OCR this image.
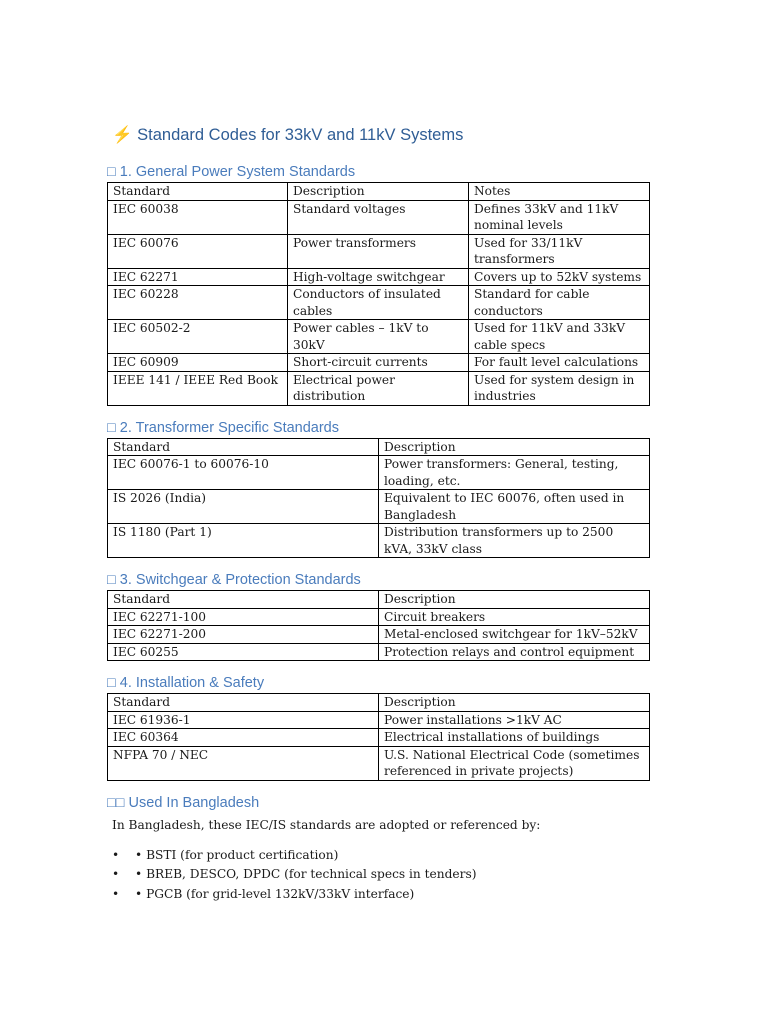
⚡ Standard Codes for 33kV and 11kV Systems
□ 1. General Power System Standards
Standard	Description	Notes
IEC 60038	Standard voltages	Defines 33kV and 11kV nominal levels
IEC 60076	Power transformers	Used for 33/11kV transformers
IEC 62271	High-voltage switchgear	Covers up to 52kV systems
IEC 60228	Conductors of insulated cables	Standard for cable conductors
IEC 60502-2	Power cables – 1kV to 30kV	Used for 11kV and 33kV cable specs
IEC 60909	Short-circuit currents	For fault level calculations
IEEE 141 / IEEE Red Book	Electrical power distribution	Used for system design in industries
□ 2. Transformer Specific Standards
Standard	Description
IEC 60076-1 to 60076-10	Power transformers: General, testing, loading, etc.
IS 2026 (India)	Equivalent to IEC 60076, often used in Bangladesh
IS 1180 (Part 1)	Distribution transformers up to 2500 kVA, 33kV class
□ 3. Switchgear & Protection Standards
Standard	Description
IEC 62271-100	Circuit breakers
IEC 62271-200	Metal-enclosed switchgear for 1kV–52kV
IEC 60255	Protection relays and control equipment
□ 4. Installation & Safety
Standard	Description
IEC 61936-1	Power installations >1kV AC
IEC 60364	Electrical installations of buildings
NFPA 70 / NEC	U.S. National Electrical Code (sometimes referenced in private projects)
□□ Used In Bangladesh

In Bangladesh, these IEC/IS standards are adopted or referenced by:

• • BSTI (for product certification)
• • BREB, DESCO, DPDC (for technical specs in tenders)
• • PGCB (for grid-level 132kV/33kV interface)
